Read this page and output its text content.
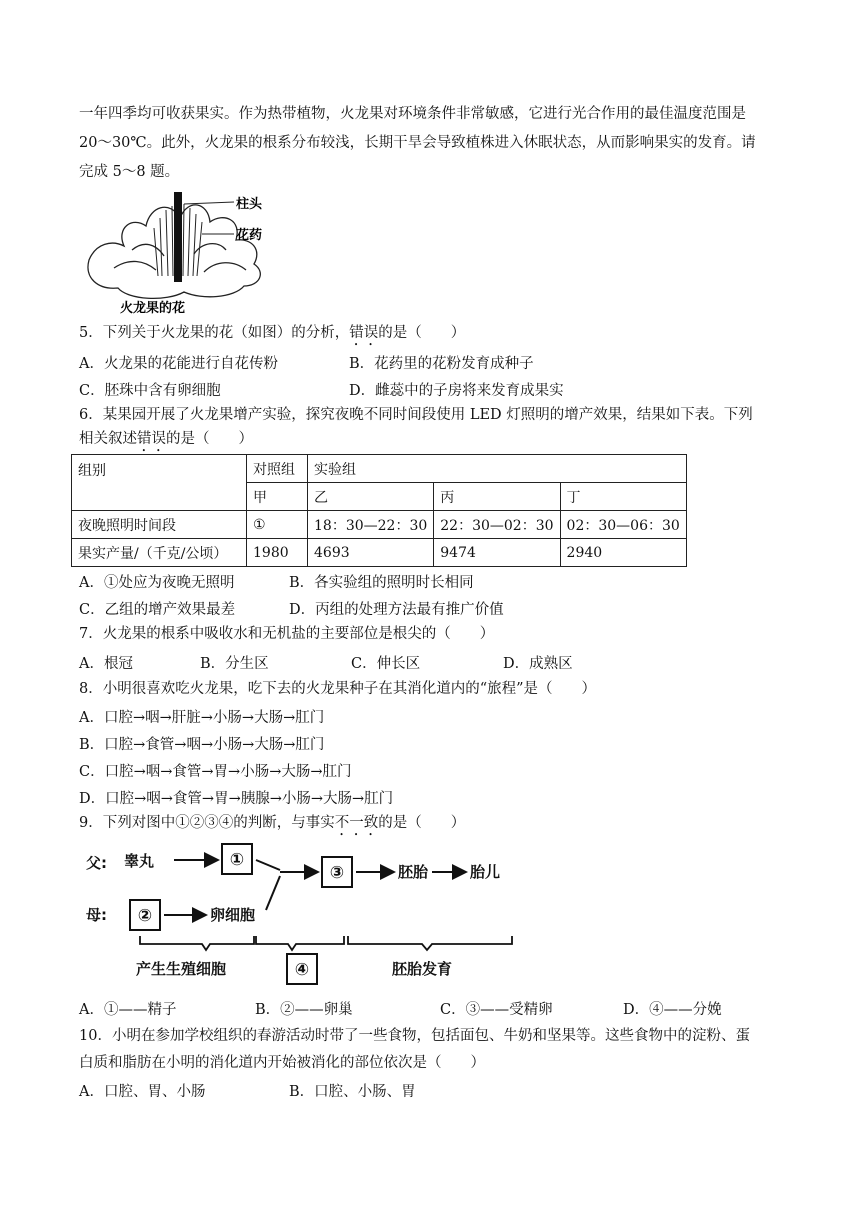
一年四季均可收获果实。作为热带植物，火龙果对环境条件非常敏感，它进行光合作用的最佳温度范围是
20～30℃。此外，火龙果的根系分布较浅，长期干旱会导致植株进入休眠状态，从而影响果实的发育。请
完成 5～8 题。
柱头
花药
火龙果的花
5．下列关于火龙果的花（如图）的分析，错误的是（　　）
A．火龙果的花能进行自花传粉	B．花药里的花粉发育成种子
C．胚珠中含有卵细胞	D．雌蕊中的子房将来发育成果实
6．某果园开展了火龙果增产实验，探究夜晚不同时间段使用 LED 灯照明的增产效果，结果如下表。下列
相关叙述错误的是（　　）
组别	对照组	实验组		
	甲	乙	丙	丁
夜晚照明时间段	①	18：30—22：30	22：30—02：30	02：30—06：30
果实产量/（千克/公顷）	1980	4693	9474	2940
A．①处应为夜晚无照明	B．各实验组的照明时长相同
C．乙组的增产效果最差	D．丙组的处理方法最有推广价值
7．火龙果的根系中吸收水和无机盐的主要部位是根尖的（　　）
A．根冠	B．分生区	C．伸长区	D．成熟区
8．小明很喜欢吃火龙果，吃下去的火龙果种子在其消化道内的“旅程”是（　　）
A．口腔→咽→肝脏→小肠→大肠→肛门
B．口腔→食管→咽→小肠→大肠→肛门
C．口腔→咽→食管→胃→小肠→大肠→肛门
D．口腔→咽→食管→胃→胰腺→小肠→大肠→肛门
9．下列对图中①②③④的判断，与事实不一致的是（　　）
父: 睾丸
母:	卵细胞
胚胎	胎儿
产生生殖细胞	胚胎发育
①
②
③
④
A．①——精子	B．②——卵巢	C．③——受精卵	D．④——分娩
10．小明在参加学校组织的春游活动时带了一些食物，包括面包、牛奶和坚果等。这些食物中的淀粉、蛋
白质和脂肪在小明的消化道内开始被消化的部位依次是（　　）
A．口腔、胃、小肠	B．口腔、小肠、胃
